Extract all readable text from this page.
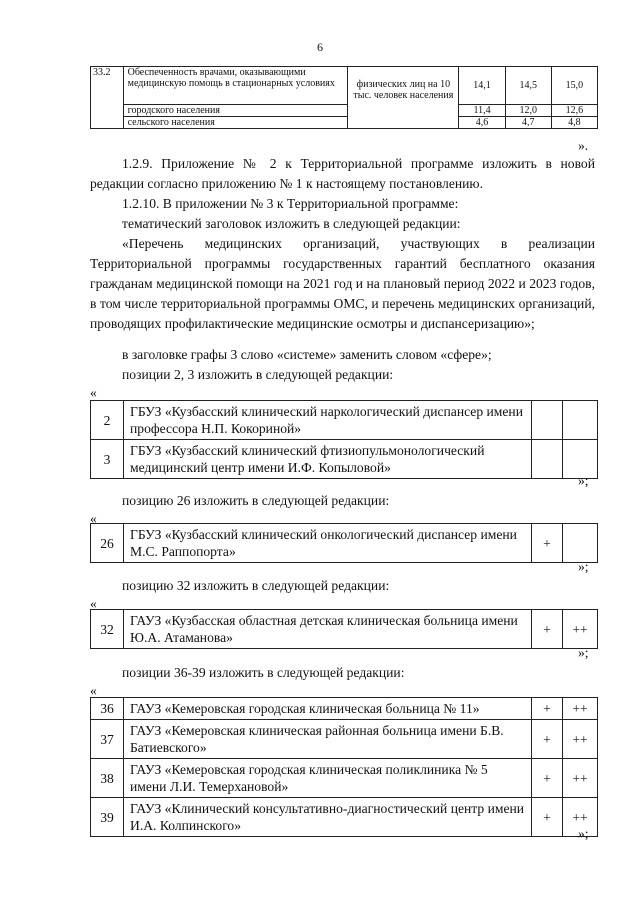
6
33.2	Обеспеченность врачами, оказывающими медицинскую помощь в стационарных условиях	физических лиц на 10 тыс. человек населения	14,1	14,5	15,0
	городского населения		11,4	12,0	12,6
	сельского населения		4,6	4,7	4,8
».
1.2.9. Приложение № 2 к Территориальной программе изложить в новой редакции согласно приложению № 1 к настоящему постановлению.
1.2.10. В приложении № 3 к Территориальной программе:
тематический заголовок изложить в следующей редакции:
«Перечень медицинских организаций, участвующих в реализации Территориальной программы государственных гарантий бесплатного оказания гражданам медицинской помощи на 2021 год и на плановый период 2022 и 2023 годов, в том числе территориальной программы ОМС, и перечень медицинских организаций, проводящих профилактические медицинские осмотры и диспансеризацию»;
в заголовке графы 3 слово «системе» заменить словом «сфере»;
позиции 2, 3 изложить в следующей редакции:
«
2	ГБУЗ «Кузбасский клинический наркологический диспансер имени профессора Н.П. Кокориной»		
3	ГБУЗ «Кузбасский клинический фтизиопульмонологический медицинский центр имени И.Ф. Копыловой»		
»;
позицию 26 изложить в следующей редакции:
«
26	ГБУЗ «Кузбасский клинический онкологический диспансер имени М.С. Раппопорта»	+	
»;
позицию 32 изложить в следующей редакции:
«
32	ГАУЗ «Кузбасская областная детская клиническая больница имени Ю.А. Атаманова»	+	++
»;
позиции 36-39 изложить в следующей редакции:
«
36	ГАУЗ «Кемеровская городская клиническая больница № 11»	+	++
37	ГАУЗ «Кемеровская клиническая районная больница имени Б.В. Батиевского»	+	++
38	ГАУЗ «Кемеровская городская клиническая поликлиника № 5 имени Л.И. Темерхановой»	+	++
39	ГАУЗ «Клинический консультативно-диагностический центр имени И.А. Колпинского»	+	++
»;
